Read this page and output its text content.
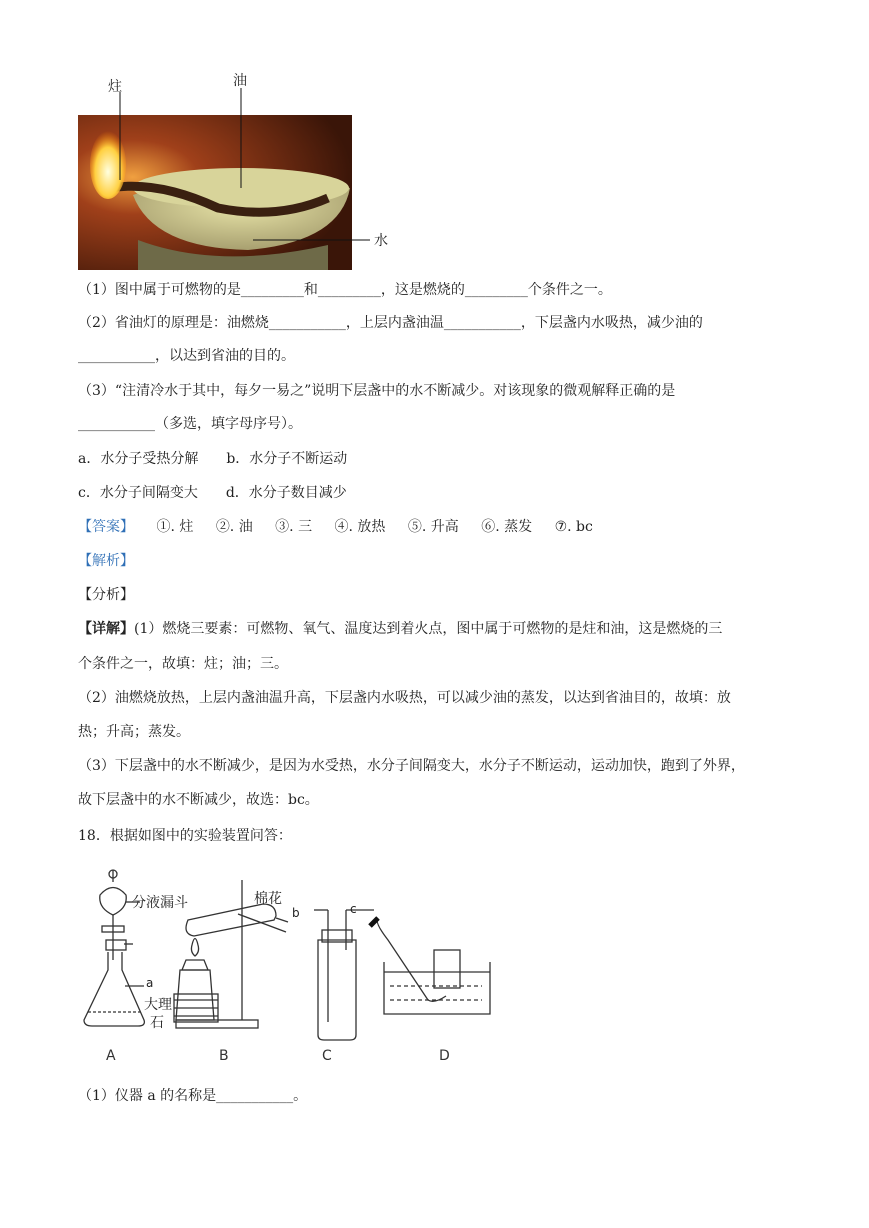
炷	油
水
（1）图中属于可燃物的是_________和_________，这是燃烧的_________个条件之一。
（2）省油灯的原理是：油燃烧___________，上层内盏油温___________，下层盏内水吸热，减少油的
___________，以达到省油的目的。
（3）“注清冷水于其中，每夕一易之”说明下层盏中的水不断减少。对该现象的微观解释正确的是
___________（多选，填字母序号）。
a．水分子受热分解　　b．水分子不断运动
c．水分子间隔变大　　d．水分子数目减少
【答案】 ①. 炷 ②. 油 ③. 三 ④. 放热 ⑤. 升高 ⑥. 蒸发 ⑦. bc
【解析】
【分析】
【详解】(1）燃烧三要素：可燃物、氧气、温度达到着火点，图中属于可燃物的是炷和油，这是燃烧的三
个条件之一，故填：炷；油；三。
（2）油燃烧放热，上层内盏油温升高，下层盏内水吸热，可以减少油的蒸发，以达到省油目的，故填：放
热；升高；蒸发。
（3）下层盏中的水不断减少，是因为水受热，水分子间隔变大，水分子不断运动，运动加快，跑到了外界，
故下层盏中的水不断减少，故选：bc。
18．根据如图中的实验装置问答：
A	B	C	D
分液漏斗	棉花
a
大理
石
b	c
（1）仪器 a 的名称是___________。
